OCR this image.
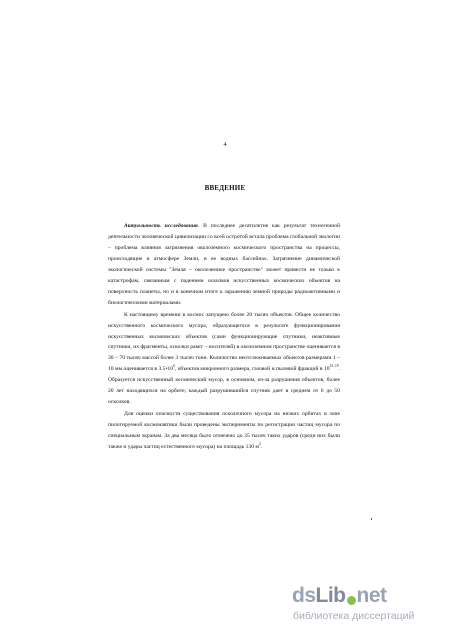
4
ВВЕДЕНИЕ

Актуальность исследования. В последнее десятилетие как результат техногенной деятельности человеческой цивилизации со всей остротой встала проблема глобальной экологии – проблема влияния загрязнения околоземного космического пространства на процессы, происходящие в атмосфере Земли, в ее водных бассейнах. Загрязнение динамической экологической системы "Земля – околоземное пространство" может привести не только к катастрофам, связанным с падением осколков искусственных космических объектов на поверхность планеты, но и в конечном итоге к заражению земной природы радиоактивными и биологическими материалами.

К настоящему времени в космос запущено более 20 тысяч объектов. Общее количество искусственного космического мусора, образующегося в результате функционирования искусственных космических объектов (сами функционирующие спутники, неактивные спутники, их фрагменты, осколки ракет – носителей) в околоземном пространстве оценивается в 30 – 70 тысяч массой более 3 тысяч тонн. Количество неотслеживаемых объектов размерами 1 – 10 мм оценивается в $3.5•10^6$, объектов микронного размера, газовой и пылевой фракций в 10$^{13-19}$. Образуется искусственный космический мусор, в основном, из-за разрушения объектов, более 20 лет находящихся на орбите, каждый разрушившийся спутник дает в среднем от 6 до 50 осколков.

Для оценки опасности существования осколочного мусора на низких орбитах в зоне пилотируемой космонавтики были проведены эксперименты по регистрации частиц мусора по специальным экранам. За два месяца было отмечено до 35 тысяч таких ударов (среди них были также и удары частиц естественного мусора) на площадь 130 $м^2$.

ds Lib net
библиотека диссертаций
